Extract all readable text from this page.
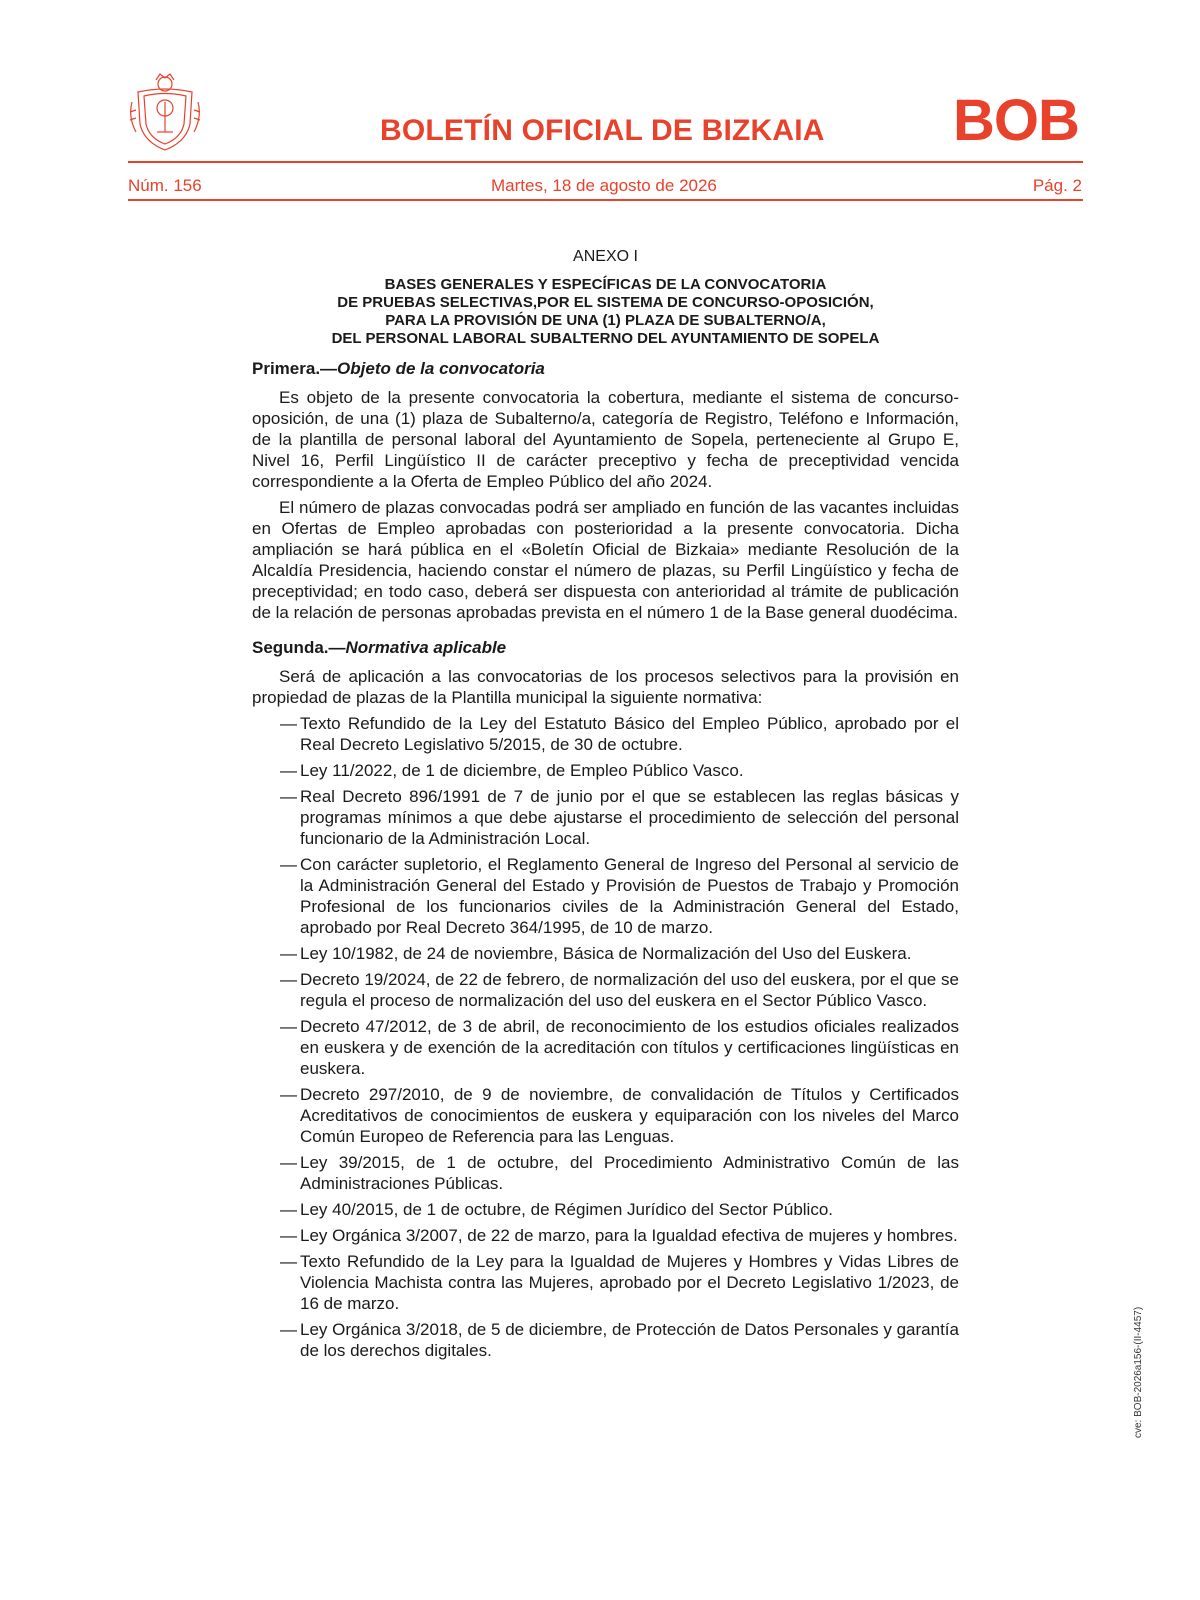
BOLETÍN OFICIAL DE BIZKAIA BOB
Núm. 156	Martes, 18 de agosto de 2026	Pág. 2
ANEXO I
BASES GENERALES Y ESPECÍFICAS DE LA CONVOCATORIA
DE PRUEBAS SELECTIVAS,POR EL SISTEMA DE CONCURSO-OPOSICIÓN,
PARA LA PROVISIÓN DE UNA (1) PLAZA DE SUBALTERNO/A,
DEL PERSONAL LABORAL SUBALTERNO DEL AYUNTAMIENTO DE SOPELA
Primera.—Objeto de la convocatoria

Es objeto de la presente convocatoria la cobertura, mediante el sistema de concurso-oposición, de una (1) plaza de Subalterno/a, categoría de Registro, Teléfono e Información, de la plantilla de personal laboral del Ayuntamiento de Sopela, perteneciente al Grupo E, Nivel 16, Perfil Lingüístico II de carácter preceptivo y fecha de preceptividad vencida correspondiente a la Oferta de Empleo Público del año 2024.

El número de plazas convocadas podrá ser ampliado en función de las vacantes incluidas en Ofertas de Empleo aprobadas con posterioridad a la presente convocatoria. Dicha ampliación se hará pública en el «Boletín Oficial de Bizkaia» mediante Resolución de la Alcaldía Presidencia, haciendo constar el número de plazas, su Perfil Lingüístico y fecha de preceptividad; en todo caso, deberá ser dispuesta con anterioridad al trámite de publicación de la relación de personas aprobadas prevista en el número 1 de la Base general duodécima.

Segunda.—Normativa aplicable

Será de aplicación a las convocatorias de los procesos selectivos para la provisión en propiedad de plazas de la Plantilla municipal la siguiente normativa:

— Texto Refundido de la Ley del Estatuto Básico del Empleo Público, aprobado por el Real Decreto Legislativo 5/2015, de 30 de octubre.
— Ley 11/2022, de 1 de diciembre, de Empleo Público Vasco.
— Real Decreto 896/1991 de 7 de junio por el que se establecen las reglas básicas y programas mínimos a que debe ajustarse el procedimiento de selección del personal funcionario de la Administración Local.
— Con carácter supletorio, el Reglamento General de Ingreso del Personal al servicio de la Administración General del Estado y Provisión de Puestos de Trabajo y Promoción Profesional de los funcionarios civiles de la Administración General del Estado, aprobado por Real Decreto 364/1995, de 10 de marzo.
— Ley 10/1982, de 24 de noviembre, Básica de Normalización del Uso del Euskera.
— Decreto 19/2024, de 22 de febrero, de normalización del uso del euskera, por el que se regula el proceso de normalización del uso del euskera en el Sector Público Vasco.
— Decreto 47/2012, de 3 de abril, de reconocimiento de los estudios oficiales realizados en euskera y de exención de la acreditación con títulos y certificaciones lingüísticas en euskera.
— Decreto 297/2010, de 9 de noviembre, de convalidación de Títulos y Certificados Acreditativos de conocimientos de euskera y equiparación con los niveles del Marco Común Europeo de Referencia para las Lenguas.
— Ley 39/2015, de 1 de octubre, del Procedimiento Administrativo Común de las Administraciones Públicas.
— Ley 40/2015, de 1 de octubre, de Régimen Jurídico del Sector Público.
— Ley Orgánica 3/2007, de 22 de marzo, para la Igualdad efectiva de mujeres y hombres.
— Texto Refundido de la Ley para la Igualdad de Mujeres y Hombres y Vidas Libres de Violencia Machista contra las Mujeres, aprobado por el Decreto Legislativo 1/2023, de 16 de marzo.
— Ley Orgánica 3/2018, de 5 de diciembre, de Protección de Datos Personales y garantía de los derechos digitales.	cve: BOB-2026a156-(II-4457)
